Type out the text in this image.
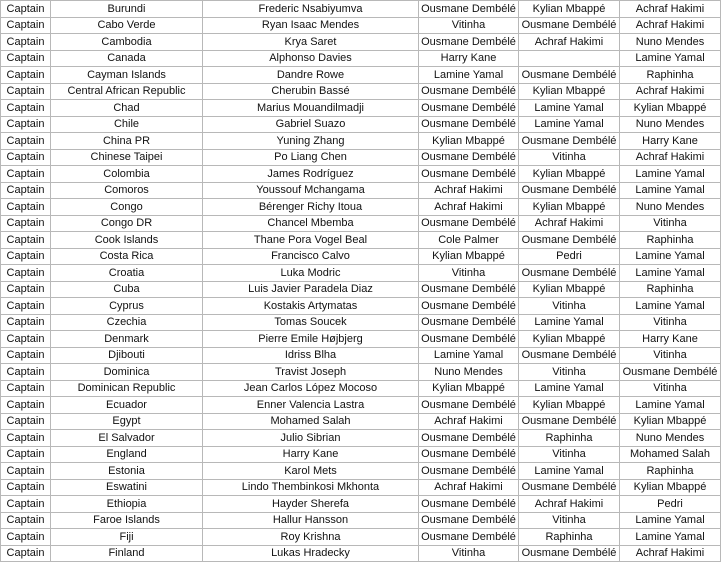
Captain	Burundi	Frederic Nsabiyumva	Ousmane Dembélé	Kylian Mbappé	Achraf Hakimi
Captain	Cabo Verde	Ryan Isaac Mendes	Vitinha	Ousmane Dembélé	Achraf Hakimi
Captain	Cambodia	Krya Saret	Ousmane Dembélé	Achraf Hakimi	Nuno Mendes
Captain	Canada	Alphonso Davies	Harry Kane		Lamine Yamal
Captain	Cayman Islands	Dandre Rowe	Lamine Yamal	Ousmane Dembélé	Raphinha
Captain	Central African Republic	Cherubin Bassé	Ousmane Dembélé	Kylian Mbappé	Achraf Hakimi
Captain	Chad	Marius Mouandilmadji	Ousmane Dembélé	Lamine Yamal	Kylian Mbappé
Captain	Chile	Gabriel Suazo	Ousmane Dembélé	Lamine Yamal	Nuno Mendes
Captain	China PR	Yuning Zhang	Kylian Mbappé	Ousmane Dembélé	Harry Kane
Captain	Chinese Taipei	Po Liang Chen	Ousmane Dembélé	Vitinha	Achraf Hakimi
Captain	Colombia	James Rodríguez	Ousmane Dembélé	Kylian Mbappé	Lamine Yamal
Captain	Comoros	Youssouf Mchangama	Achraf Hakimi	Ousmane Dembélé	Lamine Yamal
Captain	Congo	Bérenger Richy Itoua	Achraf Hakimi	Kylian Mbappé	Nuno Mendes
Captain	Congo DR	Chancel Mbemba	Ousmane Dembélé	Achraf Hakimi	Vitinha
Captain	Cook Islands	Thane Pora Vogel Beal	Cole Palmer	Ousmane Dembélé	Raphinha
Captain	Costa Rica	Francisco Calvo	Kylian Mbappé	Pedri	Lamine Yamal
Captain	Croatia	Luka Modric	Vitinha	Ousmane Dembélé	Lamine Yamal
Captain	Cuba	Luis Javier Paradela Diaz	Ousmane Dembélé	Kylian Mbappé	Raphinha
Captain	Cyprus	Kostakis Artymatas	Ousmane Dembélé	Vitinha	Lamine Yamal
Captain	Czechia	Tomas Soucek	Ousmane Dembélé	Lamine Yamal	Vitinha
Captain	Denmark	Pierre Emile Højbjerg	Ousmane Dembélé	Kylian Mbappé	Harry Kane
Captain	Djibouti	Idriss Blha	Lamine Yamal	Ousmane Dembélé	Vitinha
Captain	Dominica	Travist Joseph	Nuno Mendes	Vitinha	Ousmane Dembélé
Captain	Dominican Republic	Jean Carlos López Mocoso	Kylian Mbappé	Lamine Yamal	Vitinha
Captain	Ecuador	Enner Valencia Lastra	Ousmane Dembélé	Kylian Mbappé	Lamine Yamal
Captain	Egypt	Mohamed Salah	Achraf Hakimi	Ousmane Dembélé	Kylian Mbappé
Captain	El Salvador	Julio Sibrian	Ousmane Dembélé	Raphinha	Nuno Mendes
Captain	England	Harry Kane	Ousmane Dembélé	Vitinha	Mohamed Salah
Captain	Estonia	Karol Mets	Ousmane Dembélé	Lamine Yamal	Raphinha
Captain	Eswatini	Lindo Thembinkosi Mkhonta	Achraf Hakimi	Ousmane Dembélé	Kylian Mbappé
Captain	Ethiopia	Hayder Sherefa	Ousmane Dembélé	Achraf Hakimi	Pedri
Captain	Faroe Islands	Hallur Hansson	Ousmane Dembélé	Vitinha	Lamine Yamal
Captain	Fiji	Roy Krishna	Ousmane Dembélé	Raphinha	Lamine Yamal
Captain	Finland	Lukas Hradecky	Vitinha	Ousmane Dembélé	Achraf Hakimi
